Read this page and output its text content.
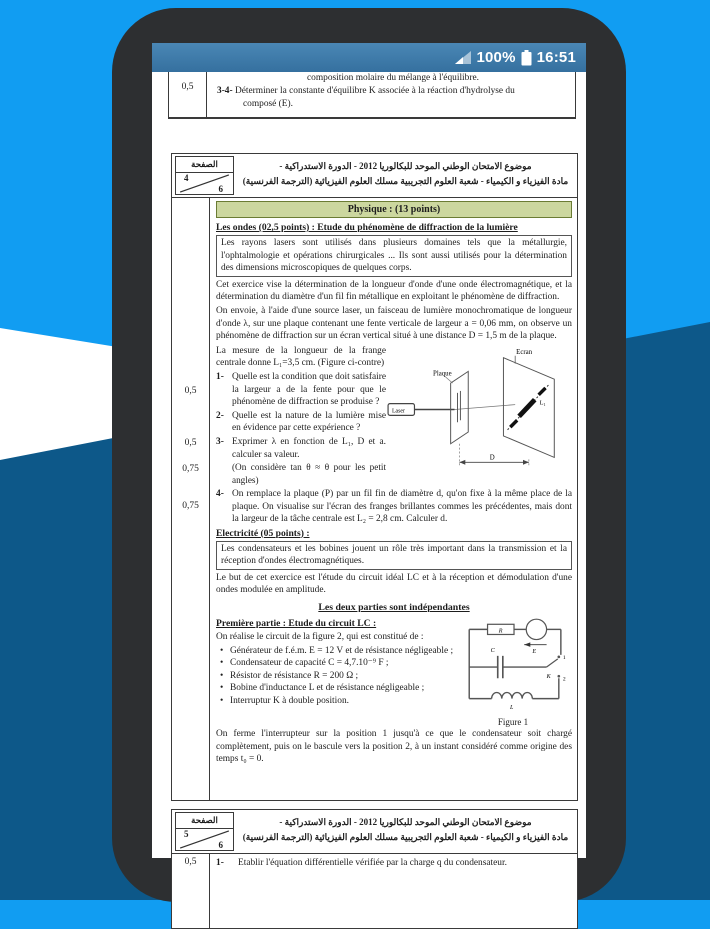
100% 16:51
0,5
composition molaire du mélange à l'équilibre.
3-4- Déterminer la constante d'équilibre K associée à la réaction d'hydrolyse du
composé (E).
الصفحة
4
6
موضوع الامتحان الوطني الموحد للبكالوريا 2012 - الدورة الاستدراكية -
مادة الفيزياء و الكيمياء - شعبة العلوم التجريبية مسلك العلوم الفيزيائية (الترجمة الفرنسية)
0,5
0,5
0,75
0,75
Physique : (13 points)
Les ondes (02,5 points) : Etude du phénomène de diffraction de la lumière
Les rayons lasers sont utilisés dans plusieurs domaines tels que la métallurgie, l'ophtalmologie et opérations chirurgicales ... Ils sont aussi utilisés pour la détermination des dimensions microscopiques de quelques corps.
Cet exercice vise la détermination de la longueur d'onde d'une onde électromagnétique, et la détermination du diamètre d'un fil fin métallique en exploitant le phénomène de diffraction.
On envoie, à l'aide d'une source laser, un faisceau de lumière monochromatique de longueur d'onde λ, sur une plaque contenant une fente verticale de largeur a = 0,06 mm, on observe un phénomène de diffraction sur un écran vertical situé à une distance D = 1,5 m de la plaque.
La mesure de la longueur de la frange centrale donne L₁=3,5 cm. (Figure ci-contre)
1- Quelle est la condition que doit satisfaire la largeur a de la fente pour que le phénomène de diffraction se produise ?
2- Quelle est la nature de la lumière mise en évidence par cette expérience ?
3- Exprimer λ en fonction de L₁, D et a. calculer sa valeur.
(On considère tan θ ≈ θ pour les petit angles)
Ecran
Plaque
Laser
L₁
D
4- On remplace la plaque (P) par un fil fin de diamètre d, qu'on fixe à la même place de la plaque. On visualise sur l'écran des franges brillantes commes les précédentes, mais dont la largeur de la tâche centrale est L₂ = 2,8 cm. Calculer d.
Electricité (05 points) :
Les condensateurs et les bobines jouent un rôle très important dans la transmission et la réception d'ondes électromagnétiques.
Le but de cet exercice est l'étude du circuit idéal LC et à la réception et démodulation d'une ondes modulée en amplitude.
Les deux parties sont indépendantes
Première partie : Etude du circuit LC :
On réalise le circuit de la figure 2, qui est constitué de :
• Générateur de f.é.m. E = 12 V et de résistance négligeable ;
• Condensateur de capacité C = 4,7.10⁻⁹ F ;
• Résistor de résistance R = 200 Ω ;
• Bobine d'inductance L et de résistance négligeable ;
• Interruptur K à double position.
R
E
C
1
2
K
L
Figure 1
On ferme l'interrupteur sur la position 1 jusqu'à ce que le condensateur soit chargé complètement, puis on le bascule vers la position 2, à un instant considéré comme origine des temps t₀ = 0.
الصفحة
5
6
موضوع الامتحان الوطني الموحد للبكالوريا 2012 - الدورة الاستدراكية -
مادة الفيزياء و الكيمياء - شعبة العلوم التجريبية مسلك العلوم الفيزيائية (الترجمة الفرنسية)
0,5	1- Etablir l'équation différentielle vérifiée par la charge q du condensateur.
